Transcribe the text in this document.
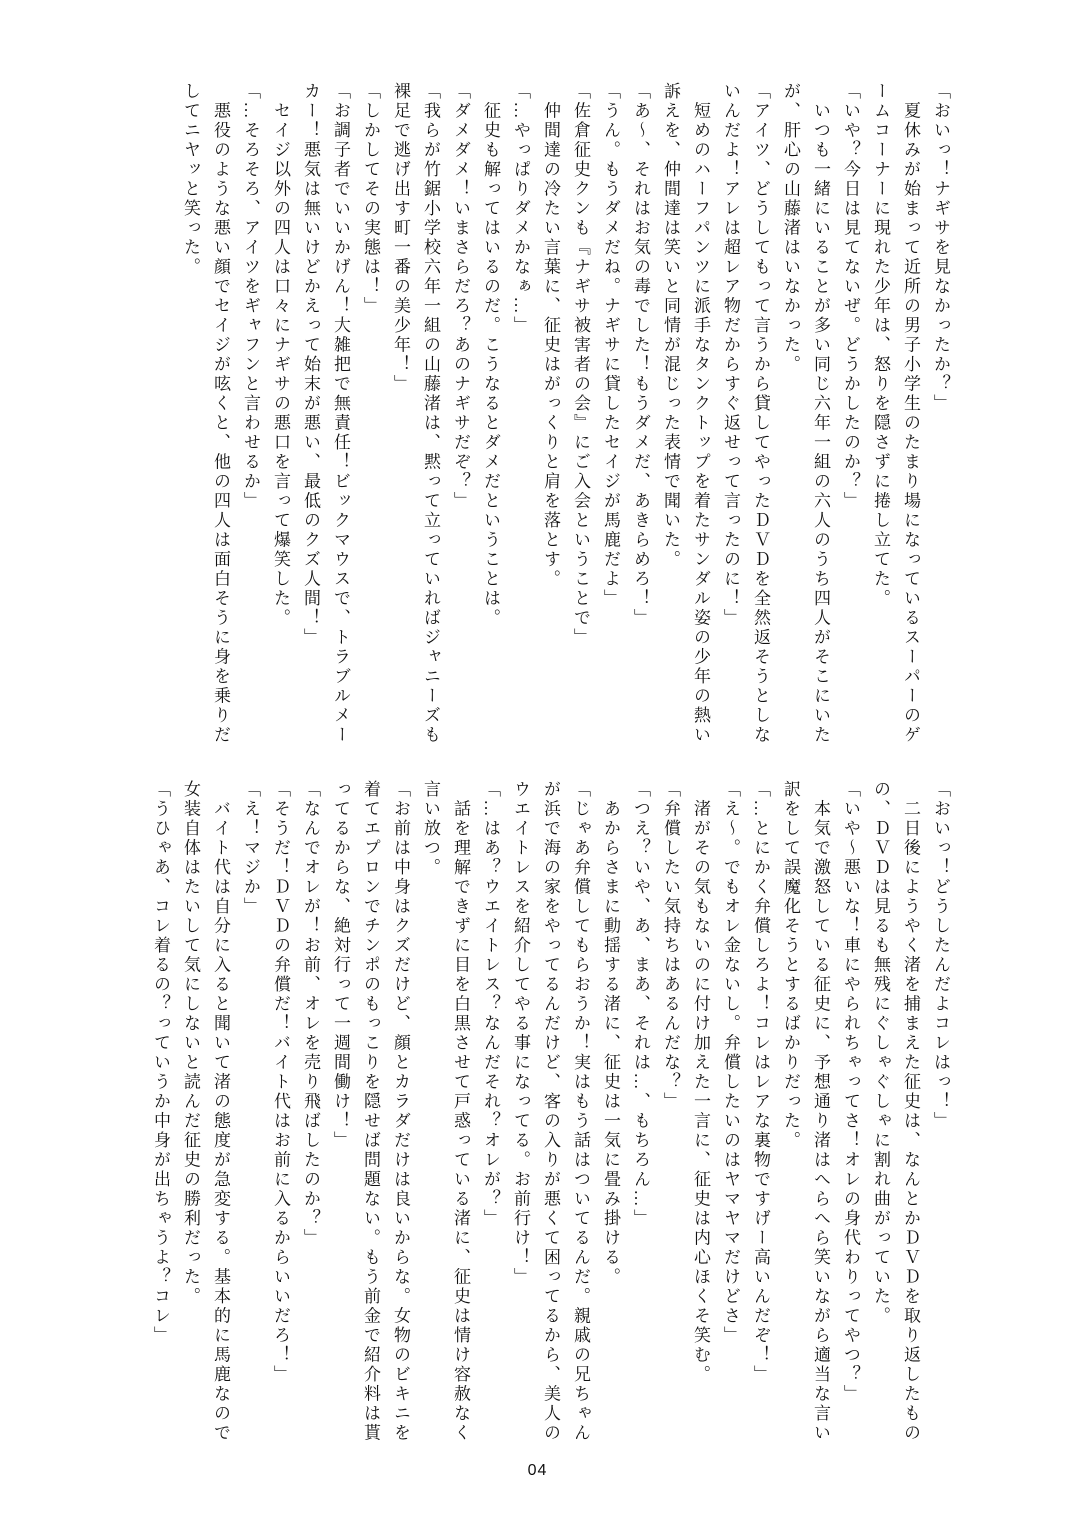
「おいっ！ナギサを見なかったか？」
　夏休みが始まって近所の男子小学生のたまり場になっているスーパーのゲ
ームコーナーに現れた少年は、怒りを隠さずに捲し立てた。
「いや？今日は見てないぜ。どうかしたのか？」
　いつも一緒にいることが多い同じ六年一組の六人のうち四人がそこにいた
が、肝心の山藤渚はいなかった。
「アイツ、どうしてもって言うから貸してやったＤＶＤを全然返そうとしな
いんだよ！アレは超レア物だからすぐ返せって言ったのに！」
　短めのハーフパンツに派手なタンクトップを着たサンダル姿の少年の熱い
訴えを、仲間達は笑いと同情が混じった表情で聞いた。
「あ〜、それはお気の毒でした！もうダメだ、あきらめろ！」
「うん。もうダメだね。ナギサに貸したセイジが馬鹿だよ」
「佐倉征史クンも『ナギサ被害者の会』にご入会ということで」
　仲間達の冷たい言葉に、征史はがっくりと肩を落とす。
「…やっぱりダメかなぁ…」
　征史も解ってはいるのだ。こうなるとダメだということは。
「ダメダメ！いまさらだろ？あのナギサだぞ？」
「我らが竹鋸小学校六年一組の山藤渚は、黙って立っていればジャニーズも
裸足で逃げ出す町一番の美少年！」
「しかしてその実態は！」
「お調子者でいいかげん！大雑把で無責任！ビックマウスで、トラブルメー
カー！悪気は無いけどかえって始末が悪い、最低のクズ人間！」
　セイジ以外の四人は口々にナギサの悪口を言って爆笑した。
「…そろそろ、アイツをギャフンと言わせるか」
　悪役のような悪い顔でセイジが呟くと、他の四人は面白そうに身を乗りだ
してニヤッと笑った。
「おいっ！どうしたんだよコレはっ！」
　二日後にようやく渚を捕まえた征史は、なんとかＤＶＤを取り返したもの
の、ＤＶＤは見るも無残にぐしゃぐしゃに割れ曲がっていた。
「いや〜悪いな！車にやられちゃってさ！オレの身代わりってやつ？」
　本気で激怒している征史に、予想通り渚はへらへら笑いながら適当な言い
訳をして誤魔化そうとするばかりだった。
「…とにかく弁償しろよ！コレはレアな裏物ですげー高いんだぞ！」
「え〜。でもオレ金ないし。弁償したいのはヤマヤマだけどさ」
　渚がその気もないのに付け加えた一言に、征史は内心ほくそ笑む。
「弁償したい気持ちはあるんだな？」
「つえ？いや、あ、まあ、それは…、もちろん…」
　あからさまに動揺する渚に、征史は一気に畳み掛ける。
「じゃあ弁償してもらおうか！実はもう話はついてるんだ。親戚の兄ちゃん
が浜で海の家をやってるんだけど、客の入りが悪くて困ってるから、美人の
ウエイトレスを紹介してやる事になってる。お前行け！」
「…はあ？ウエイトレス？なんだそれ？オレが？」
　話を理解できずに目を白黒させて戸惑っている渚に、征史は情け容赦なく
言い放つ。
「お前は中身はクズだけど、顔とカラダだけは良いからな。女物のビキニを
着てエプロンでチンポのもっこりを隠せば問題ない。もう前金で紹介料は貰
ってるからな、絶対行って一週間働け！」
「なんでオレが！お前、オレを売り飛ばしたのか？」
「そうだ！ＤＶＤの弁償だ！バイト代はお前に入るからいいだろ！」
「え！マジか」
　バイト代は自分に入ると聞いて渚の態度が急変する。基本的に馬鹿なので
女装自体はたいして気にしないと読んだ征史の勝利だった。
「うひゃあ、コレ着るの？っていうか中身が出ちゃうよ？コレ」
04
